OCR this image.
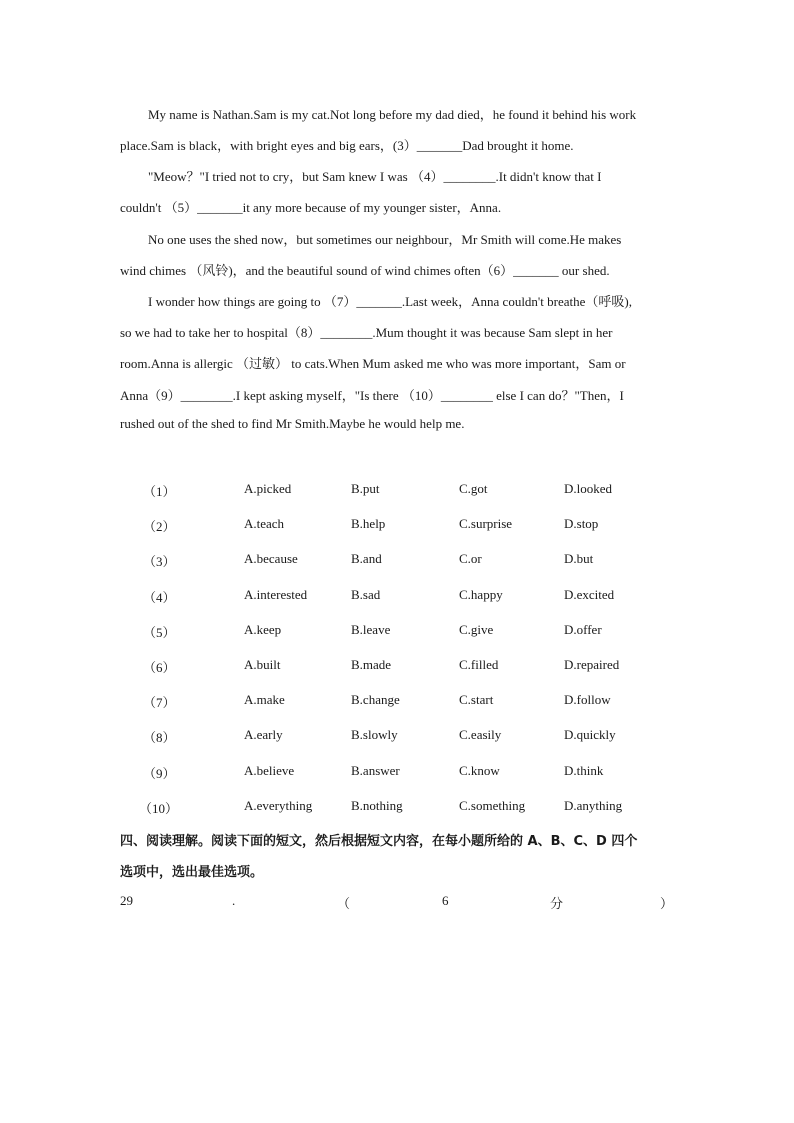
My name is Nathan.Sam is my cat.Not long before my dad died，he found it behind his work
place.Sam is black，with bright eyes and big ears，(3）_______Dad brought it home.
"Meow？"I tried not to cry，but Sam knew I was （4）________.It didn't know that I
couldn't （5）_______it any more because of my younger sister，Anna.
No one uses the shed now，but sometimes our neighbour，Mr Smith will come.He makes
wind chimes （风铃)，and the beautiful sound of wind chimes often（6）_______ our shed.
I wonder how things are going to （7）_______.Last week，Anna couldn't breathe（呼吸),
so we had to take her to hospital（8）________.Mum thought it was because Sam slept in her
room.Anna is allergic （过敏） to cats.When Mum asked me who was more important，Sam or
Anna（9）________.I kept asking myself，"Is there （10）________ else I can do？"Then，I
rushed out of the shed to find Mr Smith.Maybe he would help me.
（1）	A.picked	B.put	C.got	D.looked
（2）	A.teach	B.help	C.surprise	D.stop
（3）	A.because	B.and	C.or	D.but
（4）	A.interested	B.sad	C.happy	D.excited
（5）	A.keep	B.leave	C.give	D.offer
（6）	A.built	B.made	C.filled	D.repaired
（7）	A.make	B.change	C.start	D.follow
（8）	A.early	B.slowly	C.easily	D.quickly
（9）	A.believe	B.answer	C.know	D.think
（10）	A.everything	B.nothing	C.something	D.anything
四、阅读理解。阅读下面的短文，然后根据短文内容，在每小题所给的 A、B、C、D 四个
选项中，选出最佳选项。
29	.	（	6	分	）
